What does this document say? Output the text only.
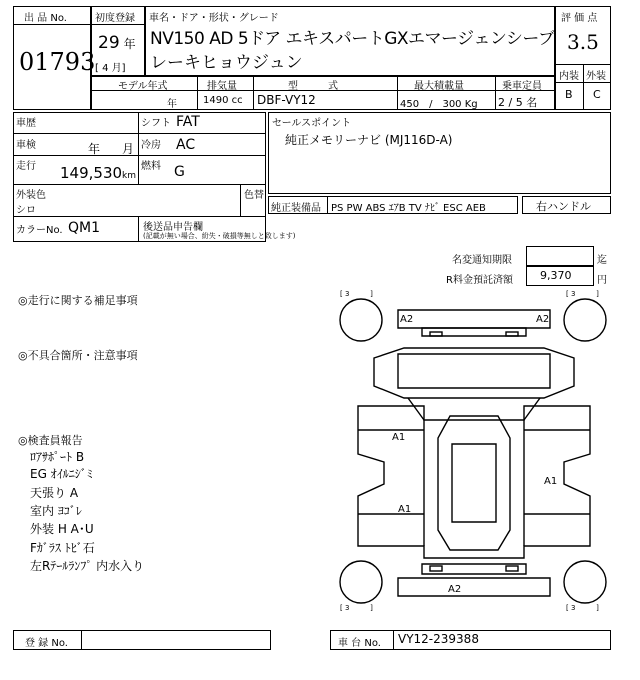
出 品 No.
01793
初度登録
29 年
[ 4 月]
車名・ドア・形状・グレード
NV150 AD 5ドア エキスパートGXエマージェンシーブ
レーキヒョウジュン
評 価 点
3.5
内装 外装
B C
モデル年式	排気量	型　　　式	最大積載量	乗車定員
年	1490 cc DBF-VY12	450　/　300 Kg 2 / 5 名
車歴	シフト FAT
車検	年 月 冷房 AC
走行 149,530km
燃料 G
外装色
シロ
色替
カラーNo. QM1	後送品申告欄
(記載が無い場合、紛失・破損等無しと致します)
セールスポイント
純正メモリーナビ (MJ116D-A)
純正装備品 PS PW ABS ｴｱB TV ﾅﾋﾞ ESC AEB	右ハンドル
名変通知期限	迄
R料金預託済額 9,370	円
◎走行に関する補足事項
◎不具合箇所・注意事項
◎検査員報告
ﾛｱｻﾎﾟｰﾄ B
EG ｵｲﾙﾆｼﾞﾐ
天張り A
室内 ﾖｺﾞﾚ
外装 H A･U
Fｶﾞﾗｽ ﾄﾋﾞ石
左Rﾃｰﾙﾗﾝﾌﾟ 内水入り
[ 3 　 　 ]	[ 3 　 　 ]
[ 3 　 　 ]	[ 3 　 　 ]
A2	A2
A1
A1
A1
A2
登 録 No.	車 台 No. VY12-239388
